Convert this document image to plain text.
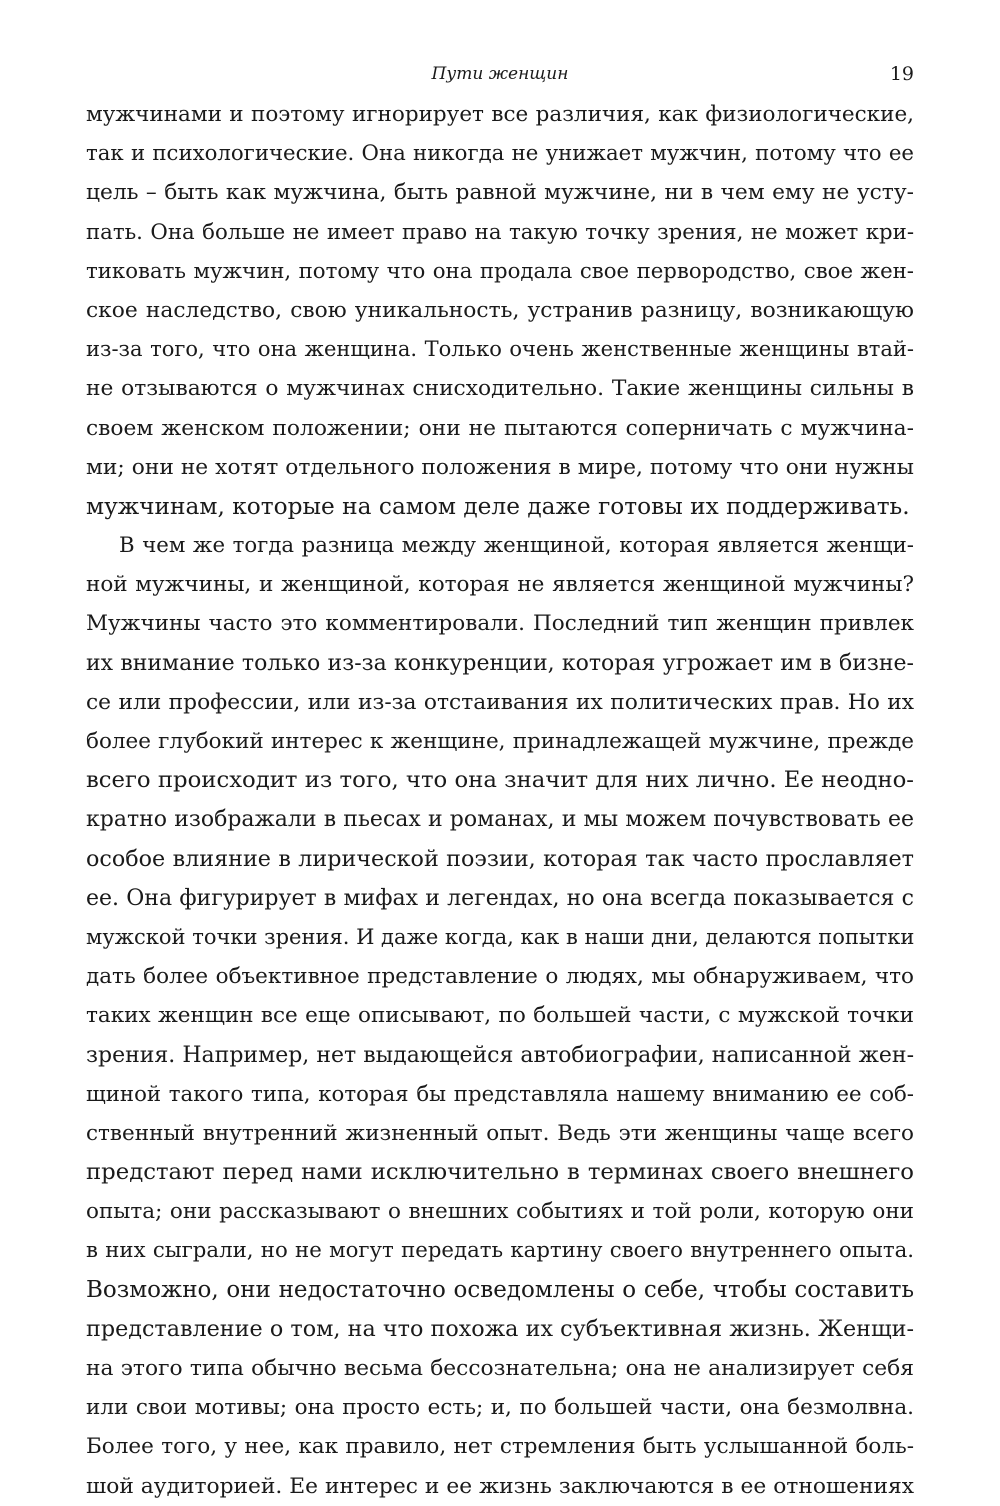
Пути женщин	19
мужчинами и поэтому игнорирует все различия, как физиологические,
так и психологические. Она никогда не унижает мужчин, потому что ее
цель – быть как мужчина, быть равной мужчине, ни в чем ему не усту-
пать. Она больше не имеет право на такую точку зрения, не может кри-
тиковать мужчин, потому что она продала свое первородство, свое жен-
ское наследство, свою уникальность, устранив разницу, возникающую
из-за того, что она женщина. Только очень женственные женщины втай-
не отзываются о мужчинах снисходительно. Такие женщины сильны в
своем женском положении; они не пытаются соперничать с мужчина-
ми; они не хотят отдельного положения в мире, потому что они нужны
мужчинам, которые на самом деле даже готовы их поддерживать.
В чем же тогда разница между женщиной, которая является женщи-
ной мужчины, и женщиной, которая не является женщиной мужчины?
Мужчины часто это комментировали. Последний тип женщин привлек
их внимание только из-за конкуренции, которая угрожает им в бизне-
се или профессии, или из-за отстаивания их политических прав. Но их
более глубокий интерес к женщине, принадлежащей мужчине, прежде
всего происходит из того, что она значит для них лично. Ее неодно-
кратно изображали в пьесах и романах, и мы можем почувствовать ее
особое влияние в лирической поэзии, которая так часто прославляет
ее. Она фигурирует в мифах и легендах, но она всегда показывается с
мужской точки зрения. И даже когда, как в наши дни, делаются попытки
дать более объективное представление о людях, мы обнаруживаем, что
таких женщин все еще описывают, по большей части, с мужской точки
зрения. Например, нет выдающейся автобиографии, написанной жен-
щиной такого типа, которая бы представляла нашему вниманию ее соб-
ственный внутренний жизненный опыт. Ведь эти женщины чаще всего
предстают перед нами исключительно в терминах своего внешнего
опыта; они рассказывают о внешних событиях и той роли, которую они
в них сыграли, но не могут передать картину своего внутреннего опыта.
Возможно, они недостаточно осведомлены о себе, чтобы составить
представление о том, на что похожа их субъективная жизнь. Женщи-
на этого типа обычно весьма бессознательна; она не анализирует себя
или свои мотивы; она просто есть; и, по большей части, она безмолвна.
Более того, у нее, как правило, нет стремления быть услышанной боль-
шой аудиторией. Ее интерес и ее жизнь заключаются в ее отношениях
